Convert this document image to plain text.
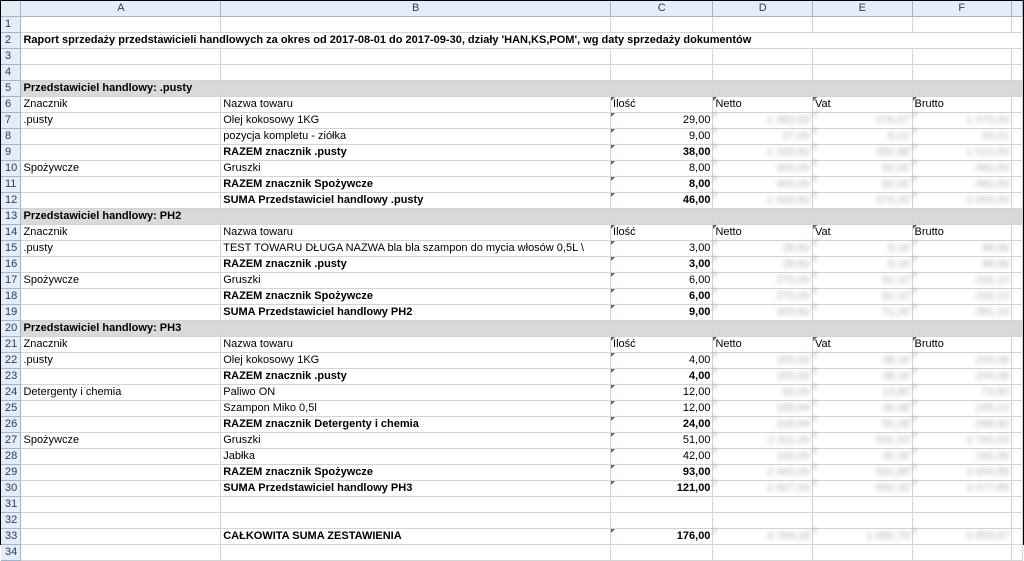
	A	B	C	D	E	F	
1							
2	Raport sprzedaży przedstawicieli handlowych za okres od 2017-08-01 do 2017-09-30, działy 'HAN,KS,POM', wg daty sprzedaży dokumentów						
3							
4							
5	Przedstawiciel handlowy: .pusty						
6	Znacznik	Nazwa towaru	Ilość	Netto	Vat	Brutto	
7	.pusty	Olej kokosowy 1KG	29,00	1 383,83	276,67	1 470,00	
8		pozycja kompletu - ziółka	9,00	27,00	6,21	33,21	
9		RAZEM znacznik .pusty	38,00	1 226,82	282,88	1 512,00	
10	Spożywcze	Gruszki	8,00	400,00	62,00	462,00	
11		RAZEM znacznik Spożywcze	8,00	400,00	62,00	462,00	
12		SUMA Przedstawiciel handlowy .pusty	46,00	1 626,82	374,20	2 004,00	
13	Przedstawiciel handlowy: PH2						
14	Znacznik	Nazwa towaru	Ilość	Netto	Vat	Brutto	
15	.pusty	TEST TOWARU DŁUGA NAZWA bla bla szampon do mycia włosów 0,5L \	3,00	39,80	9,16	48,96	
16		RAZEM znacznik .pusty	3,00	39,80	9,16	48,96	
17	Spożywcze	Gruszki	6,00	270,00	62,10	332,10	
18		RAZEM znacznik Spożywcze	6,00	270,00	62,10	332,10	
19		SUMA Przedstawiciel handlowy PH2	9,00	309,80	71,26	381,16	
20	Przedstawiciel handlowy: PH3						
21	Znacznik	Nazwa towaru	Ilość	Netto	Vat	Brutto	
22	.pusty	Olej kokosowy 1KG	4,00	165,92	38,16	204,08	
23		RAZEM znacznik .pusty	4,00	165,92	38,16	204,08	
24	Detergenty i chemia	Paliwo ON	12,00	60,00	13,80	73,80	
25		Szampon Miko 0,5l	12,00	158,64	36,48	195,12	
26		RAZEM znacznik Detergenty i chemia	24,00	218,64	50,28	268,92	
27	Spożywcze	Gruszki	51,00	2 311,00	531,53	2 742,53	
28		Jabłka	42,00	132,00	30,36	162,36	
29		RAZEM znacznik Spożywcze	93,00	2 443,00	561,89	3 004,89	
30		SUMA Przedstawiciel handlowy PH3	121,00	2 827,56	650,33	3 477,89	
31							
32							
33		CAŁKOWITA SUMA ZESTAWIENIA	176,00	4 764,18	1 095,79	5 859,97	
34							
